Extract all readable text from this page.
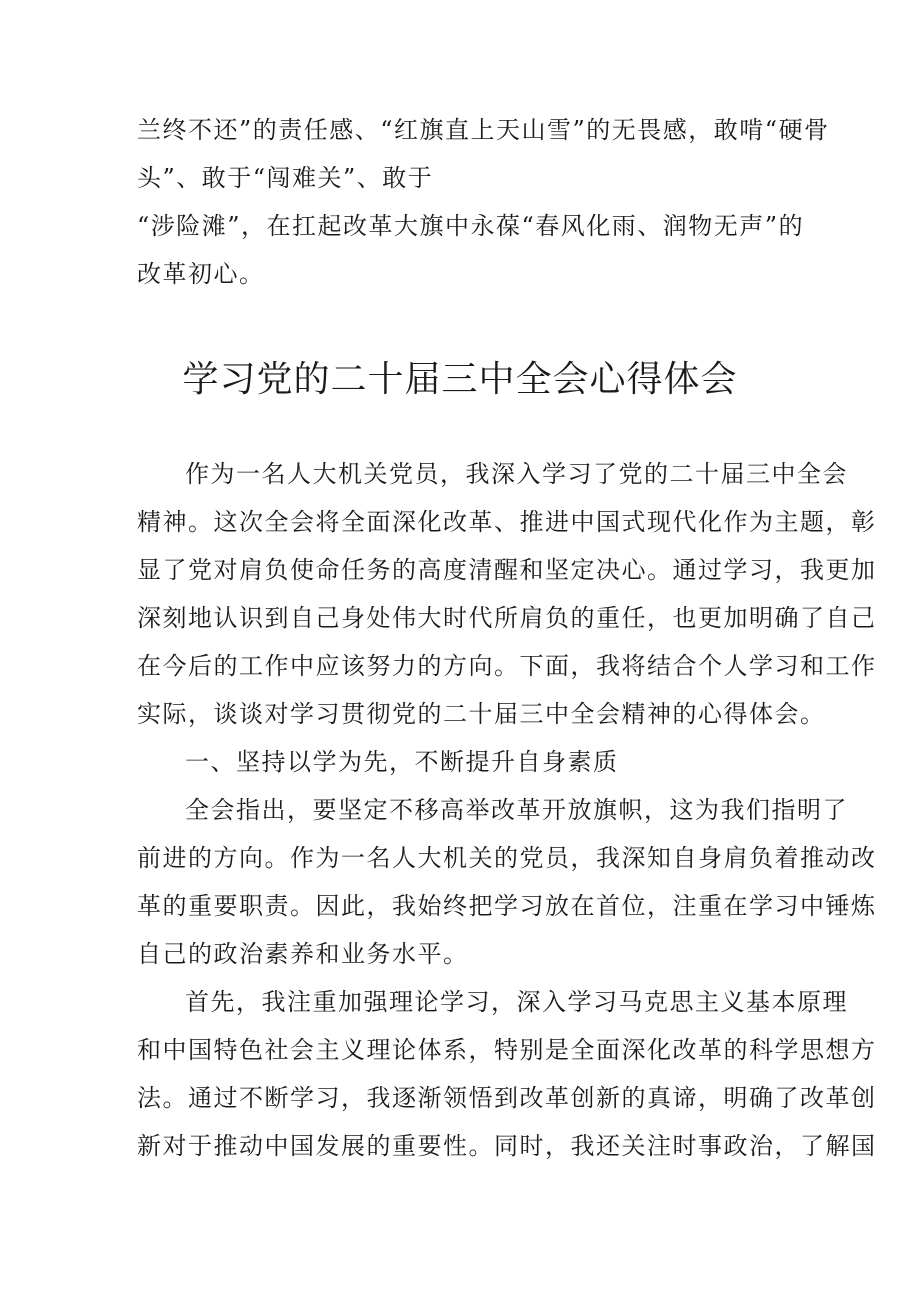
兰终不还”的责任感、“红旗直上天山雪”的无畏感，敢啃“硬骨
头”、敢于“闯难关”、敢于
“涉险滩”，在扛起改革大旗中永葆“春风化雨、润物无声”的
改革初心。
学习党的二十届三中全会心得体会
作为一名人大机关党员，我深入学习了党的二十届三中全会
精神。这次全会将全面深化改革、推进中国式现代化作为主题，彰
显了党对肩负使命任务的高度清醒和坚定决心。通过学习，我更加
深刻地认识到自己身处伟大时代所肩负的重任，也更加明确了自己
在今后的工作中应该努力的方向。下面，我将结合个人学习和工作
实际，谈谈对学习贯彻党的二十届三中全会精神的心得体会。
一、坚持以学为先，不断提升自身素质
全会指出，要坚定不移高举改革开放旗帜，这为我们指明了
前进的方向。作为一名人大机关的党员，我深知自身肩负着推动改
革的重要职责。因此，我始终把学习放在首位，注重在学习中锤炼
自己的政治素养和业务水平。
首先，我注重加强理论学习，深入学习马克思主义基本原理
和中国特色社会主义理论体系，特别是全面深化改革的科学思想方
法。通过不断学习，我逐渐领悟到改革创新的真谛，明确了改革创
新对于推动中国发展的重要性。同时，我还关注时事政治，了解国
